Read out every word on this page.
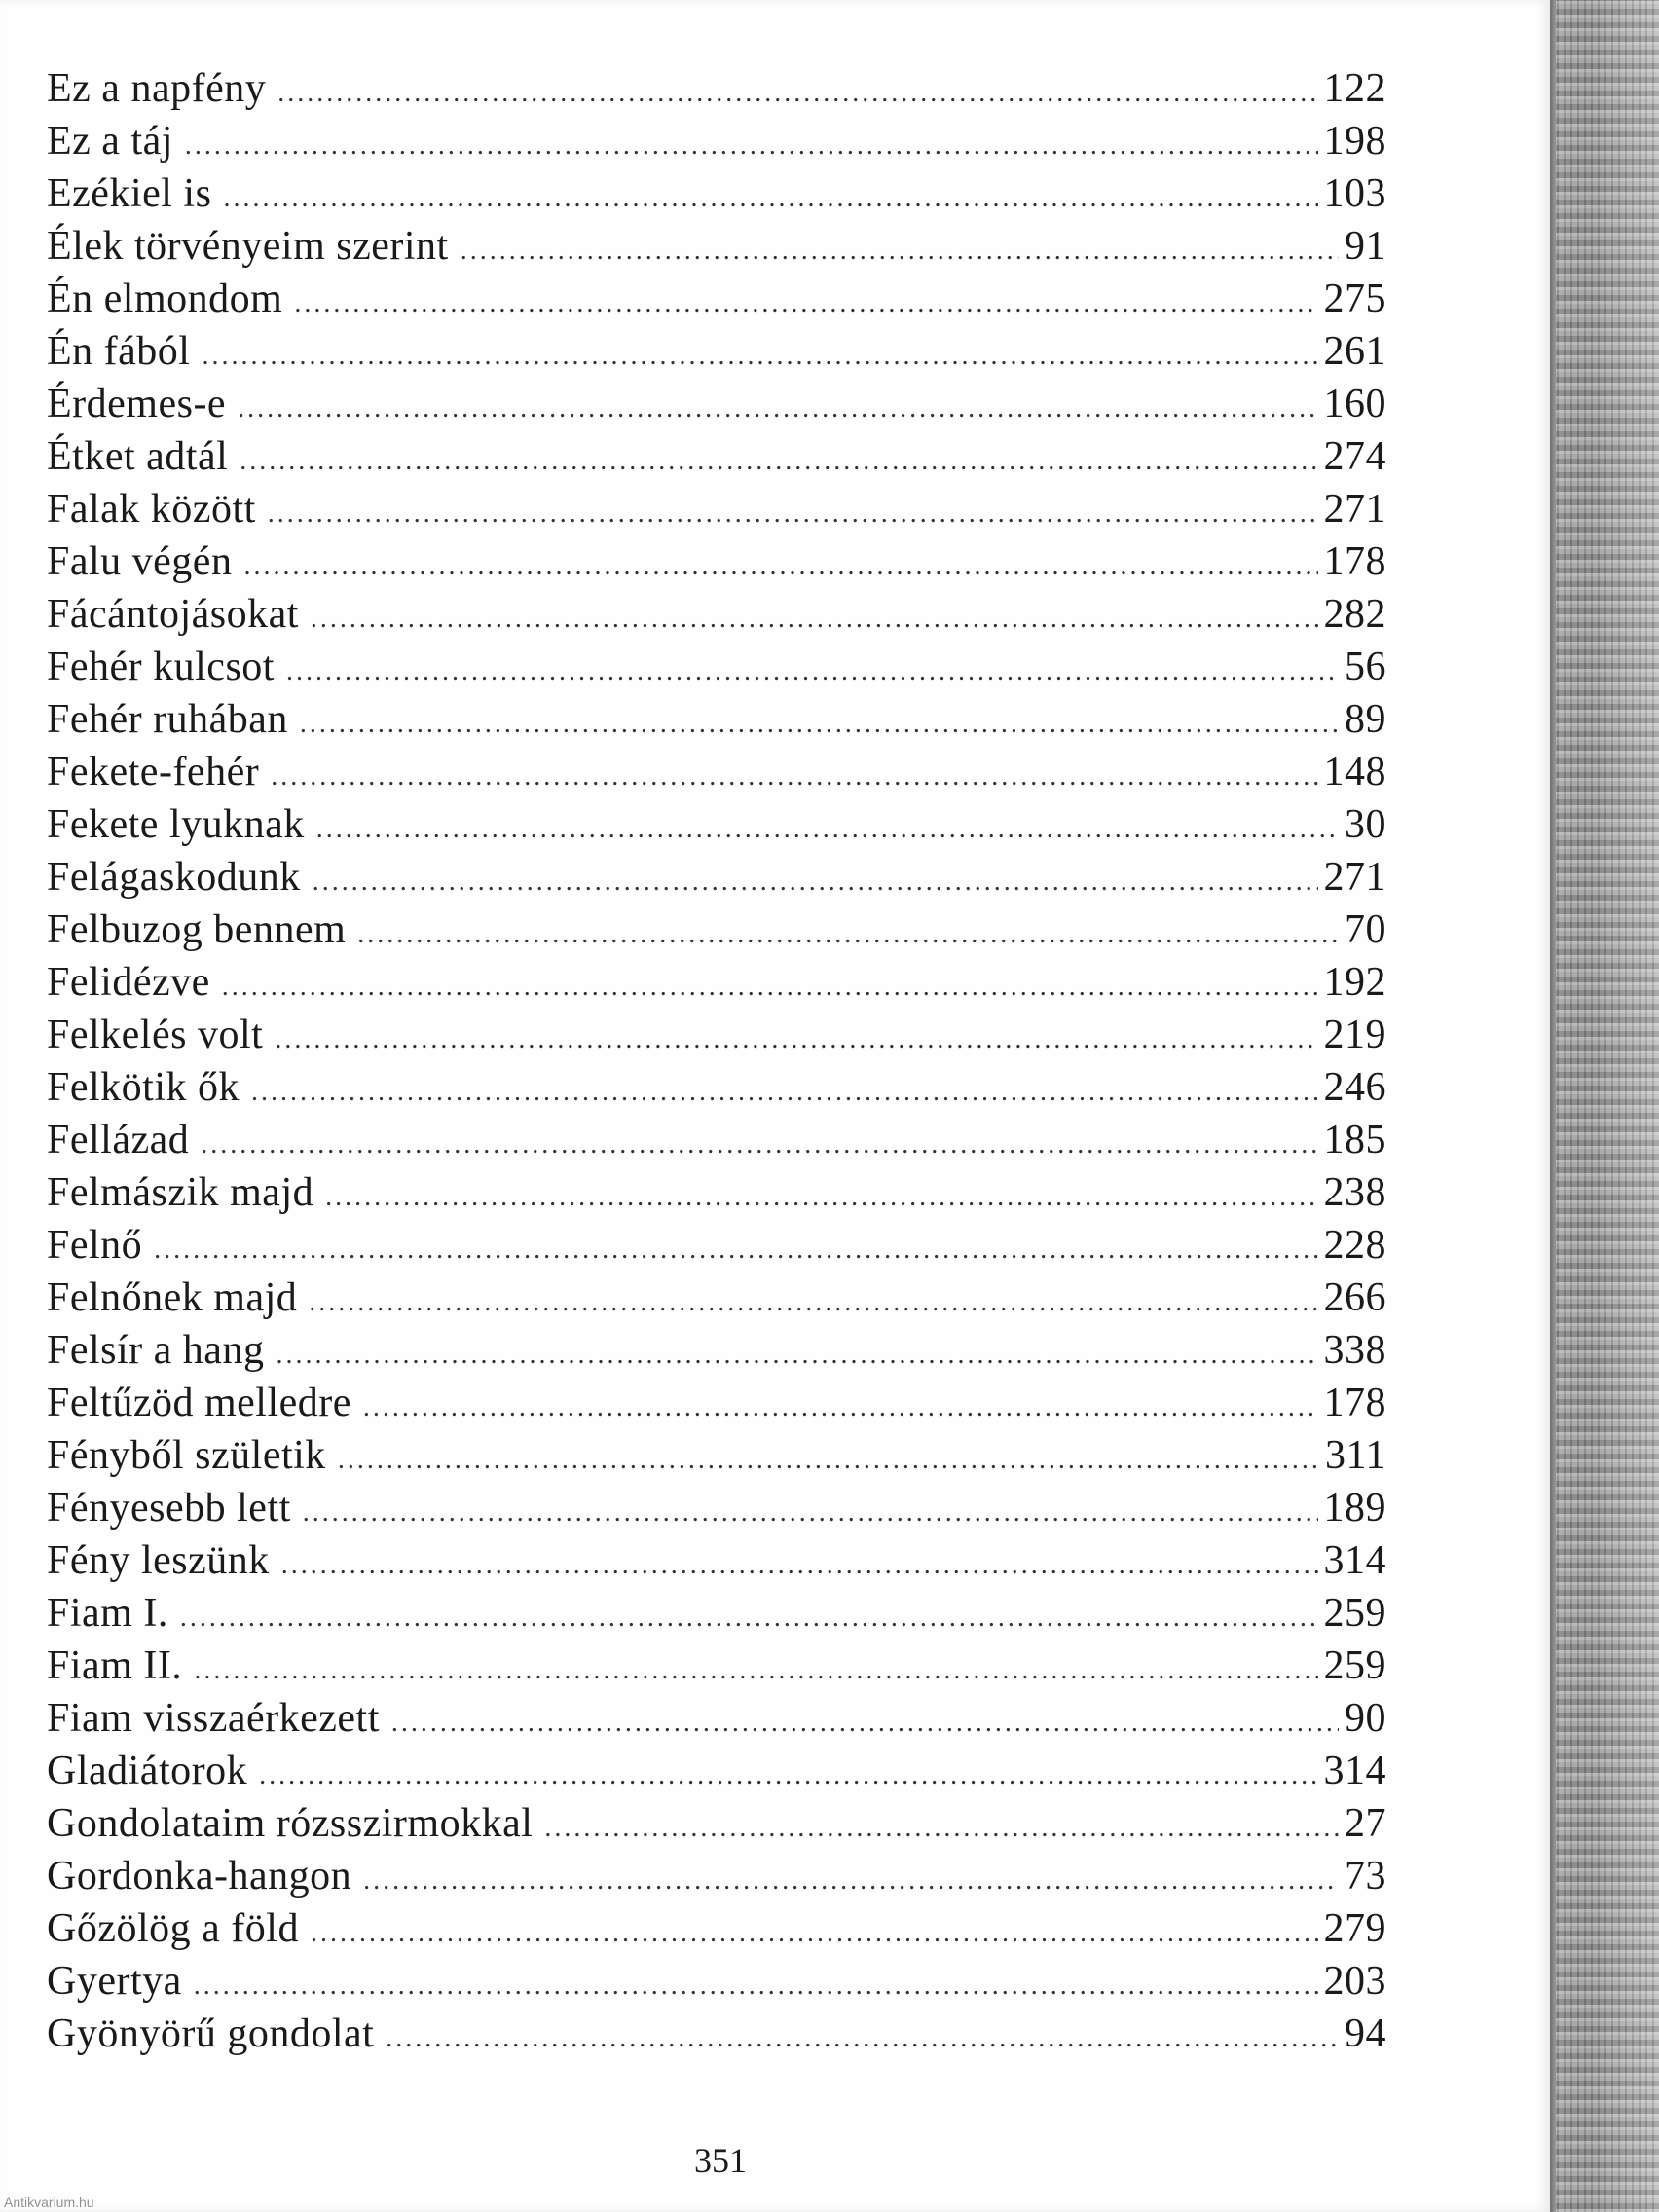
Ez a napfény .....	122
Ez a táj .....	198
Ezékiel is .....	103
Élek törvényeim szerint .....	91
Én elmondom .....	275
Én fából .....	261
Érdemes-e .....	160
Étket adtál .....	274
Falak között .....	271
Falu végén .....	178
Fácántojásokat .....	282
Fehér kulcsot .....	56
Fehér ruhában .....	89
Fekete-fehér .....	148
Fekete lyuknak .....	30
Felágaskodunk .....	271
Felbuzog bennem .....	70
Felidézve .....	192
Felkelés volt .....	219
Felkötik ők .....	246
Fellázad .....	185
Felmászik majd .....	238
Felnő .....	228
Felnőnek majd .....	266
Felsír a hang .....	338
Feltűzöd melledre .....	178
Fényből születik .....	311
Fényesebb lett .....	189
Fény leszünk .....	314
Fiam I. .....	259
Fiam II. .....	259
Fiam visszaérkezett .....	90
Gladiátorok .....	314
Gondolataim rózsszirmokkal .....	27
Gordonka-hangon .....	73
Gőzölög a föld .....	279
Gyertya .....	203
Gyönyörű gondolat .....	94
351
Antikvarium.hu
